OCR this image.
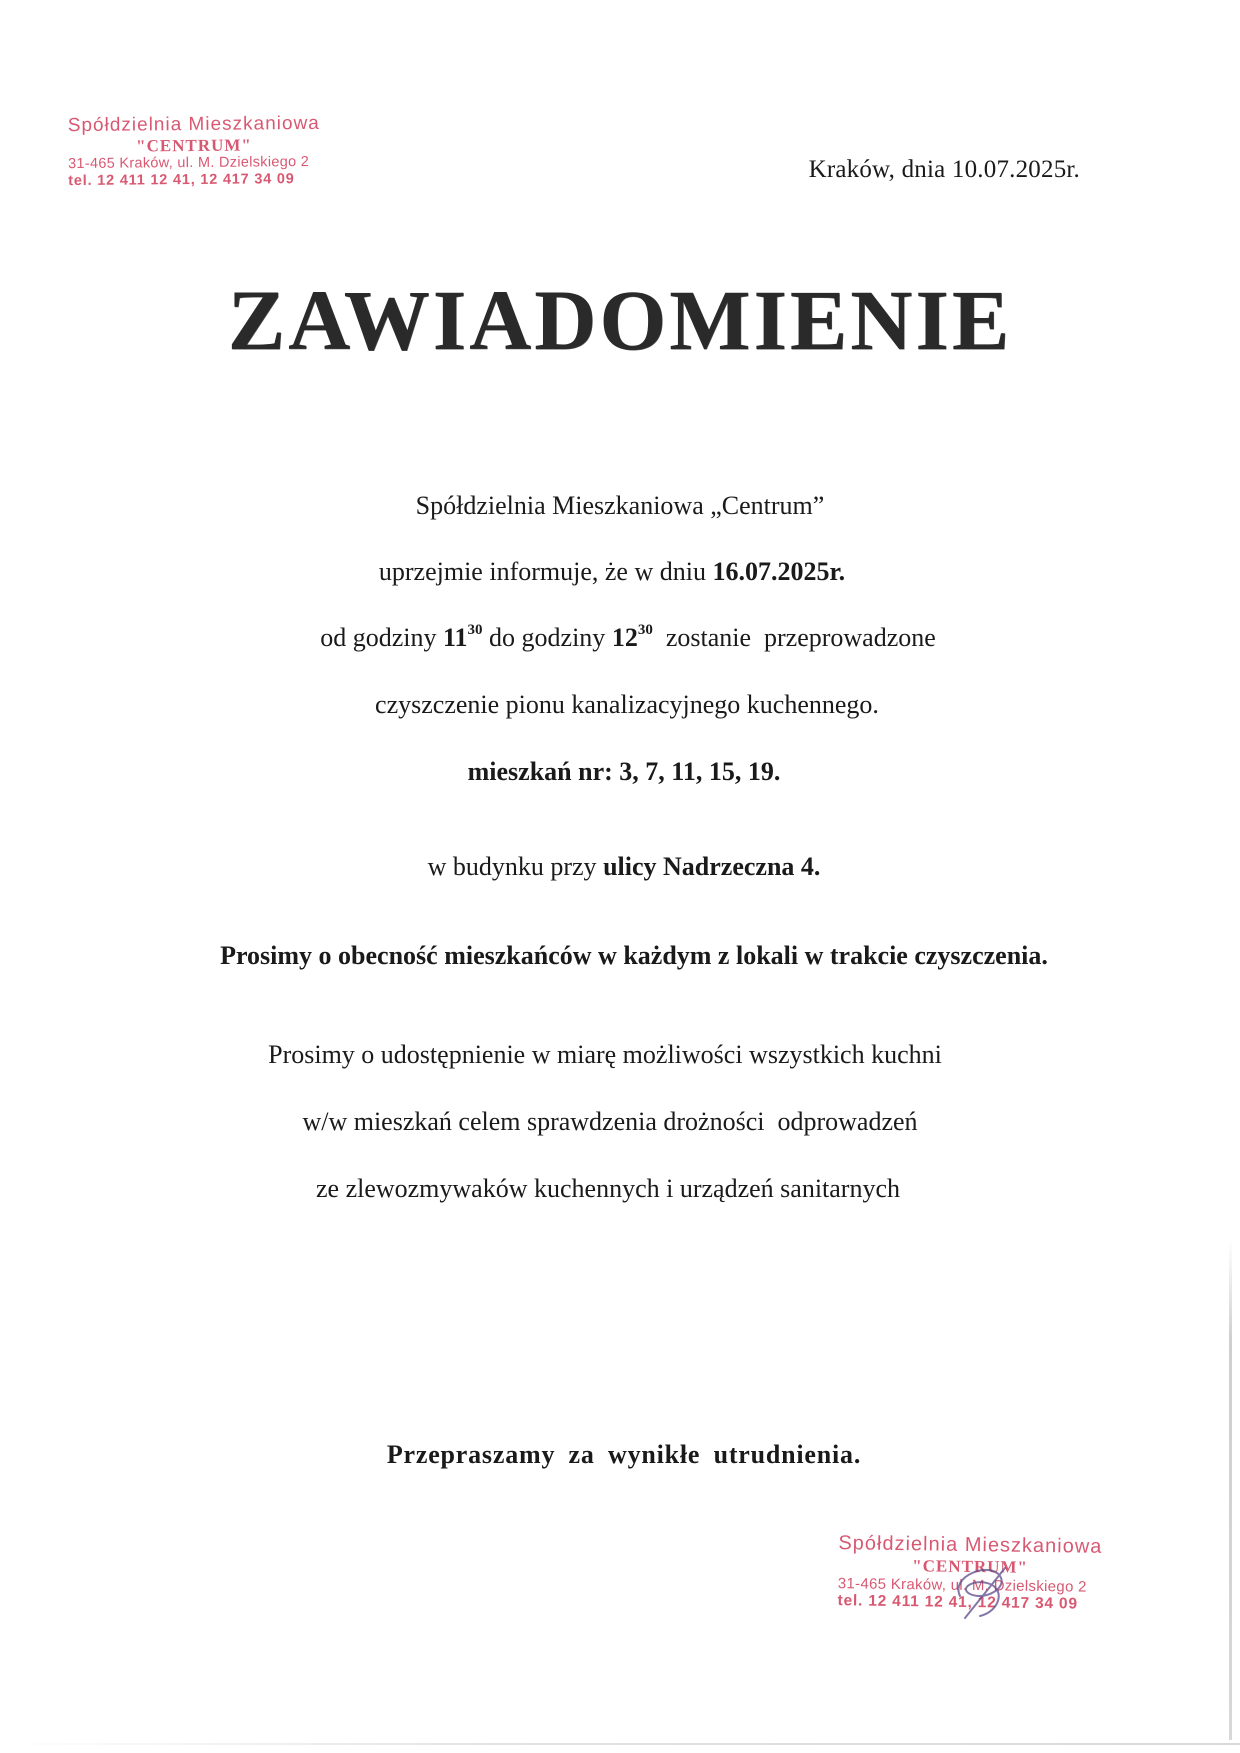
Spółdzielnia Mieszkaniowa
"CENTRUM"
31-465 Kraków, ul. M. Dzielskiego 2
tel. 12 411 12 41, 12 417 34 09	Kraków, dnia 10.07.2025r.
ZAWIADOMIENIE
Spółdzielnia Mieszkaniowa „Centrum”
uprzejmie informuje, że w dniu 16.07.2025r.
od godziny $11^{30}$ do godziny $12^{30}$ zostanie  przeprowadzone
czyszczenie pionu kanalizacyjnego kuchennego.
mieszkań nr: 3, 7, 11, 15, 19.
w budynku przy ulicy Nadrzeczna 4.
Prosimy o obecność mieszkańców w każdym z lokali w trakcie czyszczenia.
Prosimy o udostępnienie w miarę możliwości wszystkich kuchni
w/w mieszkań celem sprawdzenia drożności  odprowadzeń
ze zlewozmywaków kuchennych i urządzeń sanitarnych
Przepraszamy za wynikłe utrudnienia.
Spółdzielnia Mieszkaniowa
"CENTRUM"
31-465 Kraków, ul. M. Dzielskiego 2
tel. 12 411 12 41, 12 417 34 09
